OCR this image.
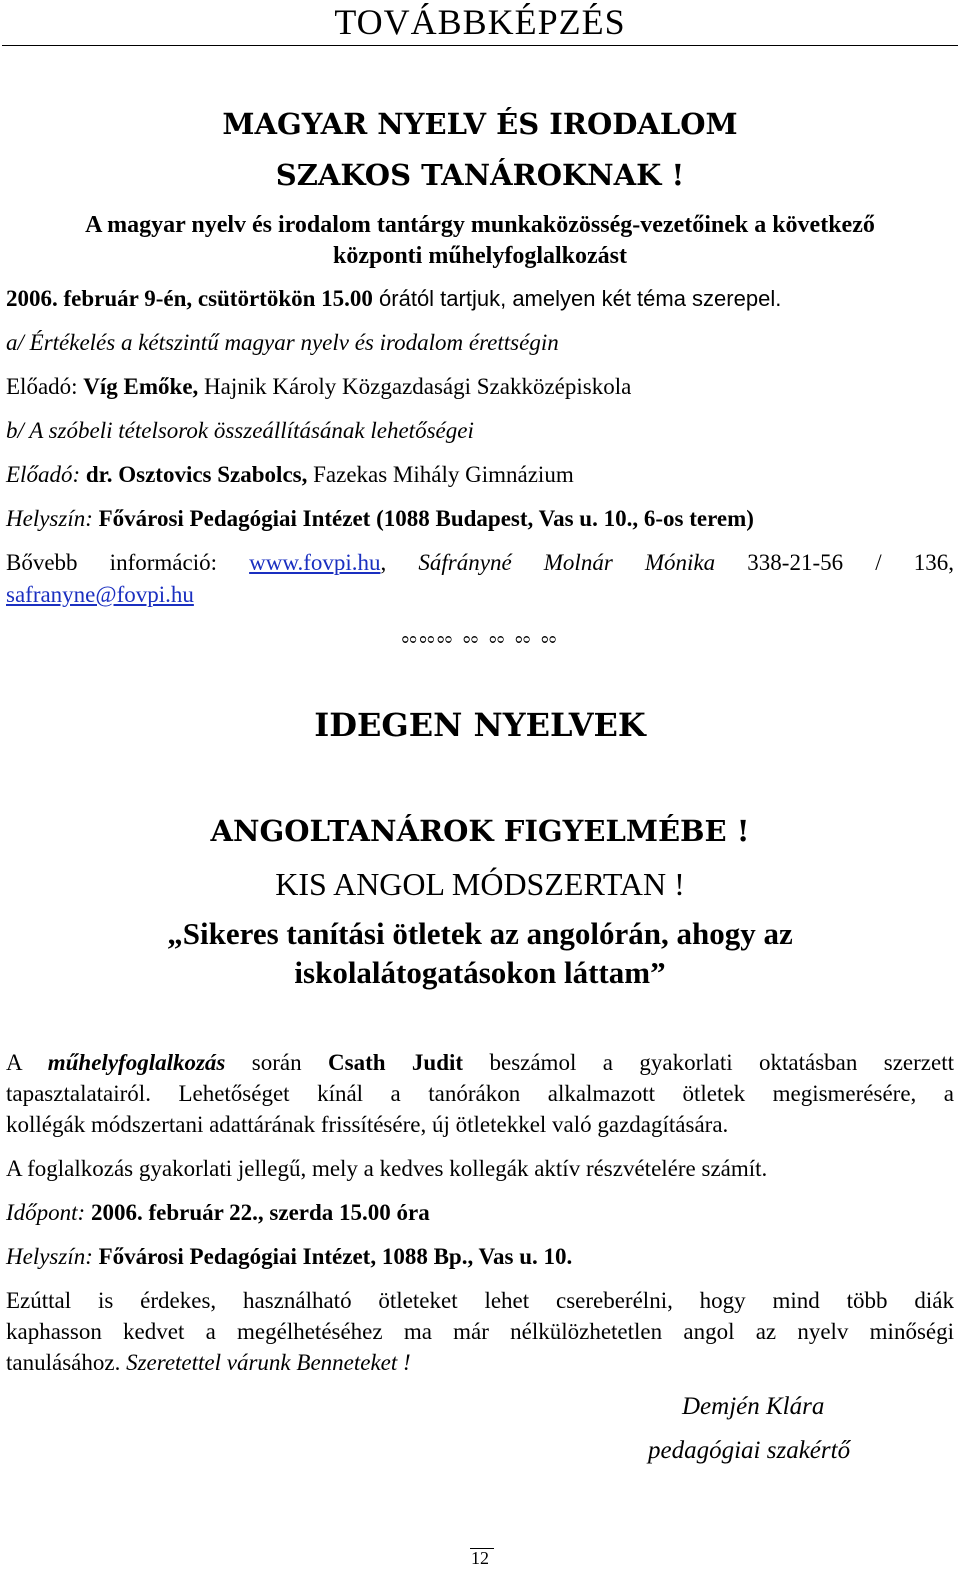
TOVÁBBKÉPZÉS
MAGYAR NYELV ÉS IRODALOM
SZAKOS TANÁROKNAK !
A magyar nyelv és irodalom tantárgy munkaközösség-vezetőinek a következő
központi műhelyfoglalkozást
2006. február 9-én, csütörtökön 15.00 órától tartjuk, amelyen két téma szerepel.
a/ Értékelés a kétszintű magyar nyelv és irodalom érettségin
Előadó: Víg Emőke, Hajnik Károly Közgazdasági Szakközépiskola
b/ A szóbeli tételsorok összeállításának lehetőségei
Előadó: dr. Osztovics Szabolcs, Fazekas Mihály Gimnázium
Helyszín: Fővárosi Pedagógiai Intézet (1088 Budapest, Vas u. 10., 6-os terem)
Bővebb információ: www.fovpi.hu, Sáfrányné Molnár Mónika 338-21-56 / 136,
safranyne@fovpi.hu
ೲೲೲ ೲ ೲ ೲ ೲ
IDEGEN NYELVEK
ANGOLTANÁROK FIGYELMÉBE !
KIS ANGOL MÓDSZERTAN !
„Sikeres tanítási ötletek az angolórán, ahogy az
iskolalátogatásokon láttam”
A műhelyfoglalkozás során Csath Judit beszámol a gyakorlati oktatásban szerzett
tapasztalatairól. Lehetőséget kínál a tanórákon alkalmazott ötletek megismerésére, a
kollégák módszertani adattárának frissítésére, új ötletekkel való gazdagítására.
A foglalkozás gyakorlati jellegű, mely a kedves kollegák aktív részvételére számít.
Időpont: 2006. február 22., szerda 15.00 óra
Helyszín: Fővárosi Pedagógiai Intézet, 1088 Bp., Vas u. 10.
Ezúttal is érdekes, használható ötleteket lehet csereberélni, hogy mind több diák
kaphasson kedvet a megélhetéséhez ma már nélkülözhetetlen angol az nyelv minőségi
tanulásához. Szeretettel várunk Benneteket !
Demjén Klára
pedagógiai szakértő
12
